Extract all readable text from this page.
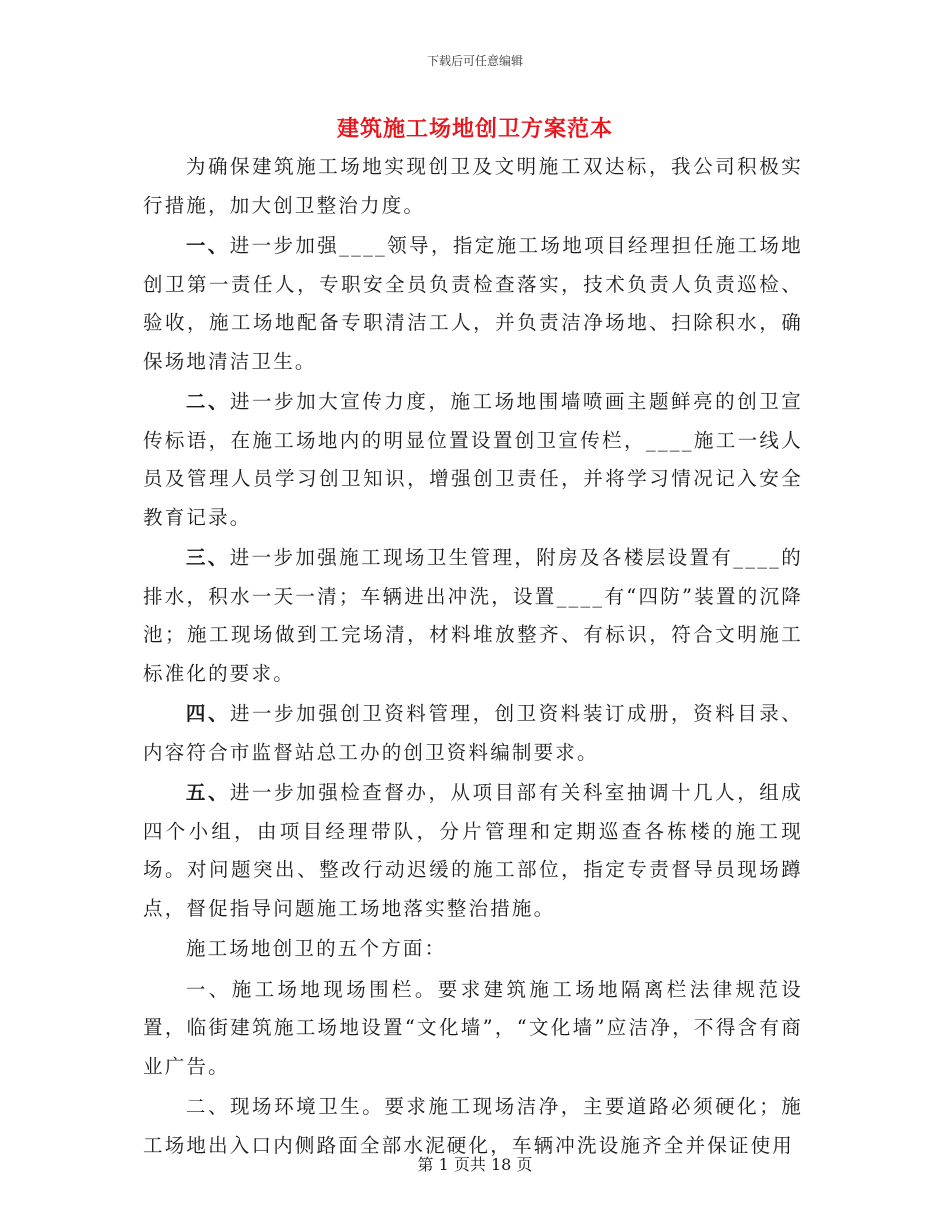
下载后可任意编辑
建筑施工场地创卫方案范本

为确保建筑施工场地实现创卫及文明施工双达标，我公司积极实行措施，加大创卫整治力度。

一、进一步加强____领导，指定施工场地项目经理担任施工场地创卫第一责任人，专职安全员负责检查落实，技术负责人负责巡检、验收，施工场地配备专职清洁工人，并负责洁净场地、扫除积水，确保场地清洁卫生。

二、进一步加大宣传力度，施工场地围墙喷画主题鲜亮的创卫宣传标语，在施工场地内的明显位置设置创卫宣传栏，____施工一线人员及管理人员学习创卫知识，增强创卫责任，并将学习情况记入安全教育记录。

三、进一步加强施工现场卫生管理，附房及各楼层设置有____的排水，积水一天一清；车辆进出冲洗，设置____有“四防”装置的沉降池；施工现场做到工完场清，材料堆放整齐、有标识，符合文明施工标准化的要求。

四、进一步加强创卫资料管理，创卫资料装订成册，资料目录、内容符合市监督站总工办的创卫资料编制要求。

五、进一步加强检查督办，从项目部有关科室抽调十几人，组成四个小组，由项目经理带队，分片管理和定期巡查各栋楼的施工现场。对问题突出、整改行动迟缓的施工部位，指定专责督导员现场蹲点，督促指导问题施工场地落实整治措施。

施工场地创卫的五个方面：

一、施工场地现场围栏。要求建筑施工场地隔离栏法律规范设置，临街建筑施工场地设置“文化墙”，“文化墙”应洁净，不得含有商业广告。

二、现场环境卫生。要求施工现场洁净，主要道路必须硬化；施工场地出入口内侧路面全部水泥硬化，车辆冲洗设施齐全并保证使用

第 1 页共 18 页
